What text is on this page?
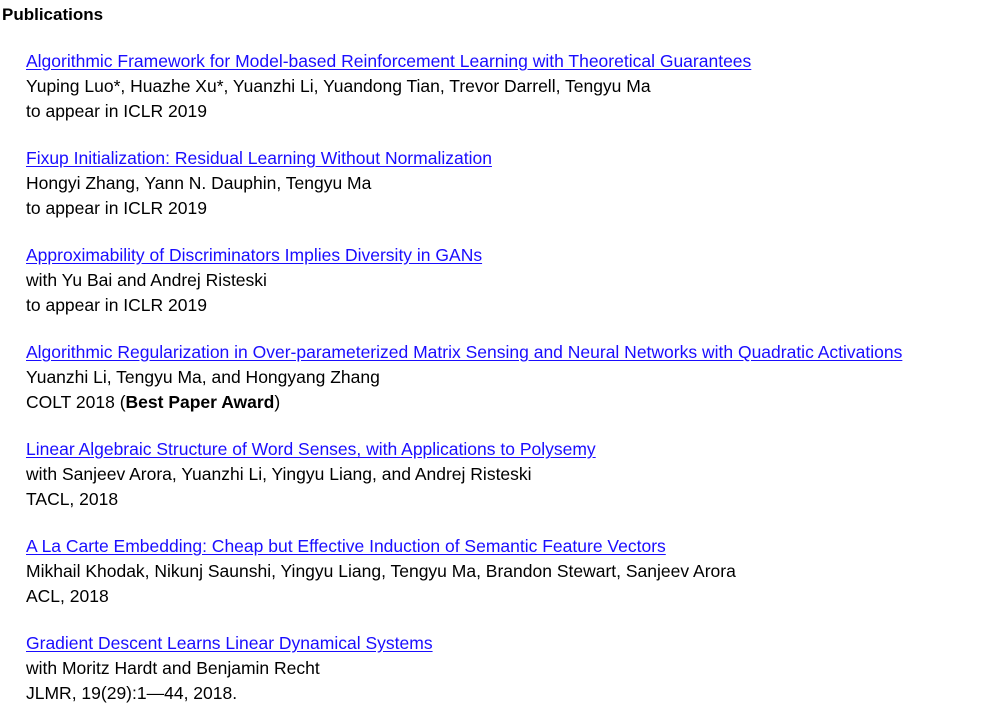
Publications
Algorithmic Framework for Model-based Reinforcement Learning with Theoretical Guarantees
Yuping Luo*, Huazhe Xu*, Yuanzhi Li, Yuandong Tian, Trevor Darrell, Tengyu Ma
to appear in ICLR 2019
Fixup Initialization: Residual Learning Without Normalization
Hongyi Zhang, Yann N. Dauphin, Tengyu Ma
to appear in ICLR 2019
Approximability of Discriminators Implies Diversity in GANs
with Yu Bai and Andrej Risteski
to appear in ICLR 2019
Algorithmic Regularization in Over-parameterized Matrix Sensing and Neural Networks with Quadratic Activations
Yuanzhi Li, Tengyu Ma, and Hongyang Zhang
COLT 2018 (Best Paper Award)
Linear Algebraic Structure of Word Senses, with Applications to Polysemy
with Sanjeev Arora, Yuanzhi Li, Yingyu Liang, and Andrej Risteski
TACL, 2018
A La Carte Embedding: Cheap but Effective Induction of Semantic Feature Vectors
Mikhail Khodak, Nikunj Saunshi, Yingyu Liang, Tengyu Ma, Brandon Stewart, Sanjeev Arora
ACL, 2018
Gradient Descent Learns Linear Dynamical Systems
with Moritz Hardt and Benjamin Recht
JLMR, 19(29):1—44, 2018.
